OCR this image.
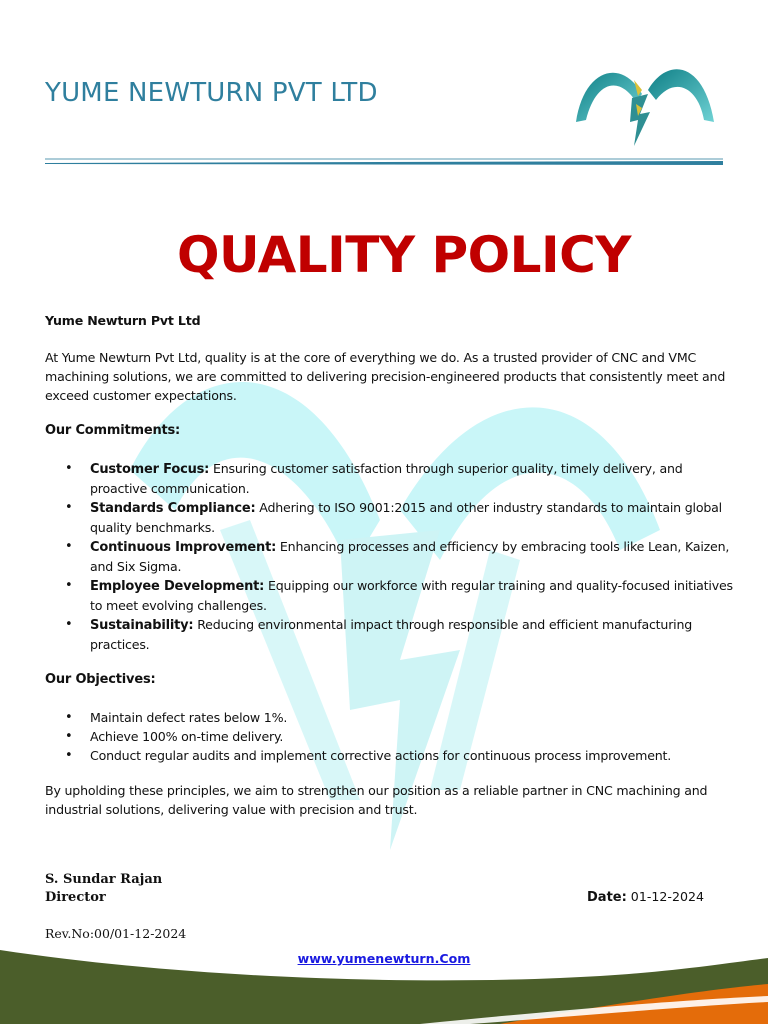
YUME NEWTURN PVT LTD
QUALITY POLICY

Yume Newturn Pvt Ltd

At Yume Newturn Pvt Ltd, quality is at the core of everything we do. As a trusted provider of CNC and VMC machining solutions, we are committed to delivering precision-engineered products that consistently meet and exceed customer expectations.

Our Commitments:

• Customer Focus: Ensuring customer satisfaction through superior quality, timely delivery, and proactive communication.
• Standards Compliance: Adhering to ISO 9001:2015 and other industry standards to maintain global quality benchmarks.
• Continuous Improvement: Enhancing processes and efficiency by embracing tools like Lean, Kaizen, and Six Sigma.
• Employee Development: Equipping our workforce with regular training and quality-focused initiatives to meet evolving challenges.
• Sustainability: Reducing environmental impact through responsible and efficient manufacturing practices.

Our Objectives:

• Maintain defect rates below 1%.
• Achieve 100% on-time delivery.
• Conduct regular audits and implement corrective actions for continuous process improvement.

By upholding these principles, we aim to strengthen our position as a reliable partner in CNC machining and industrial solutions, delivering value with precision and trust.

S. Sundar Rajan
Director	Date: 01-12-2024
Rev.No:00/01-12-2024
www.yumenewturn.Com
